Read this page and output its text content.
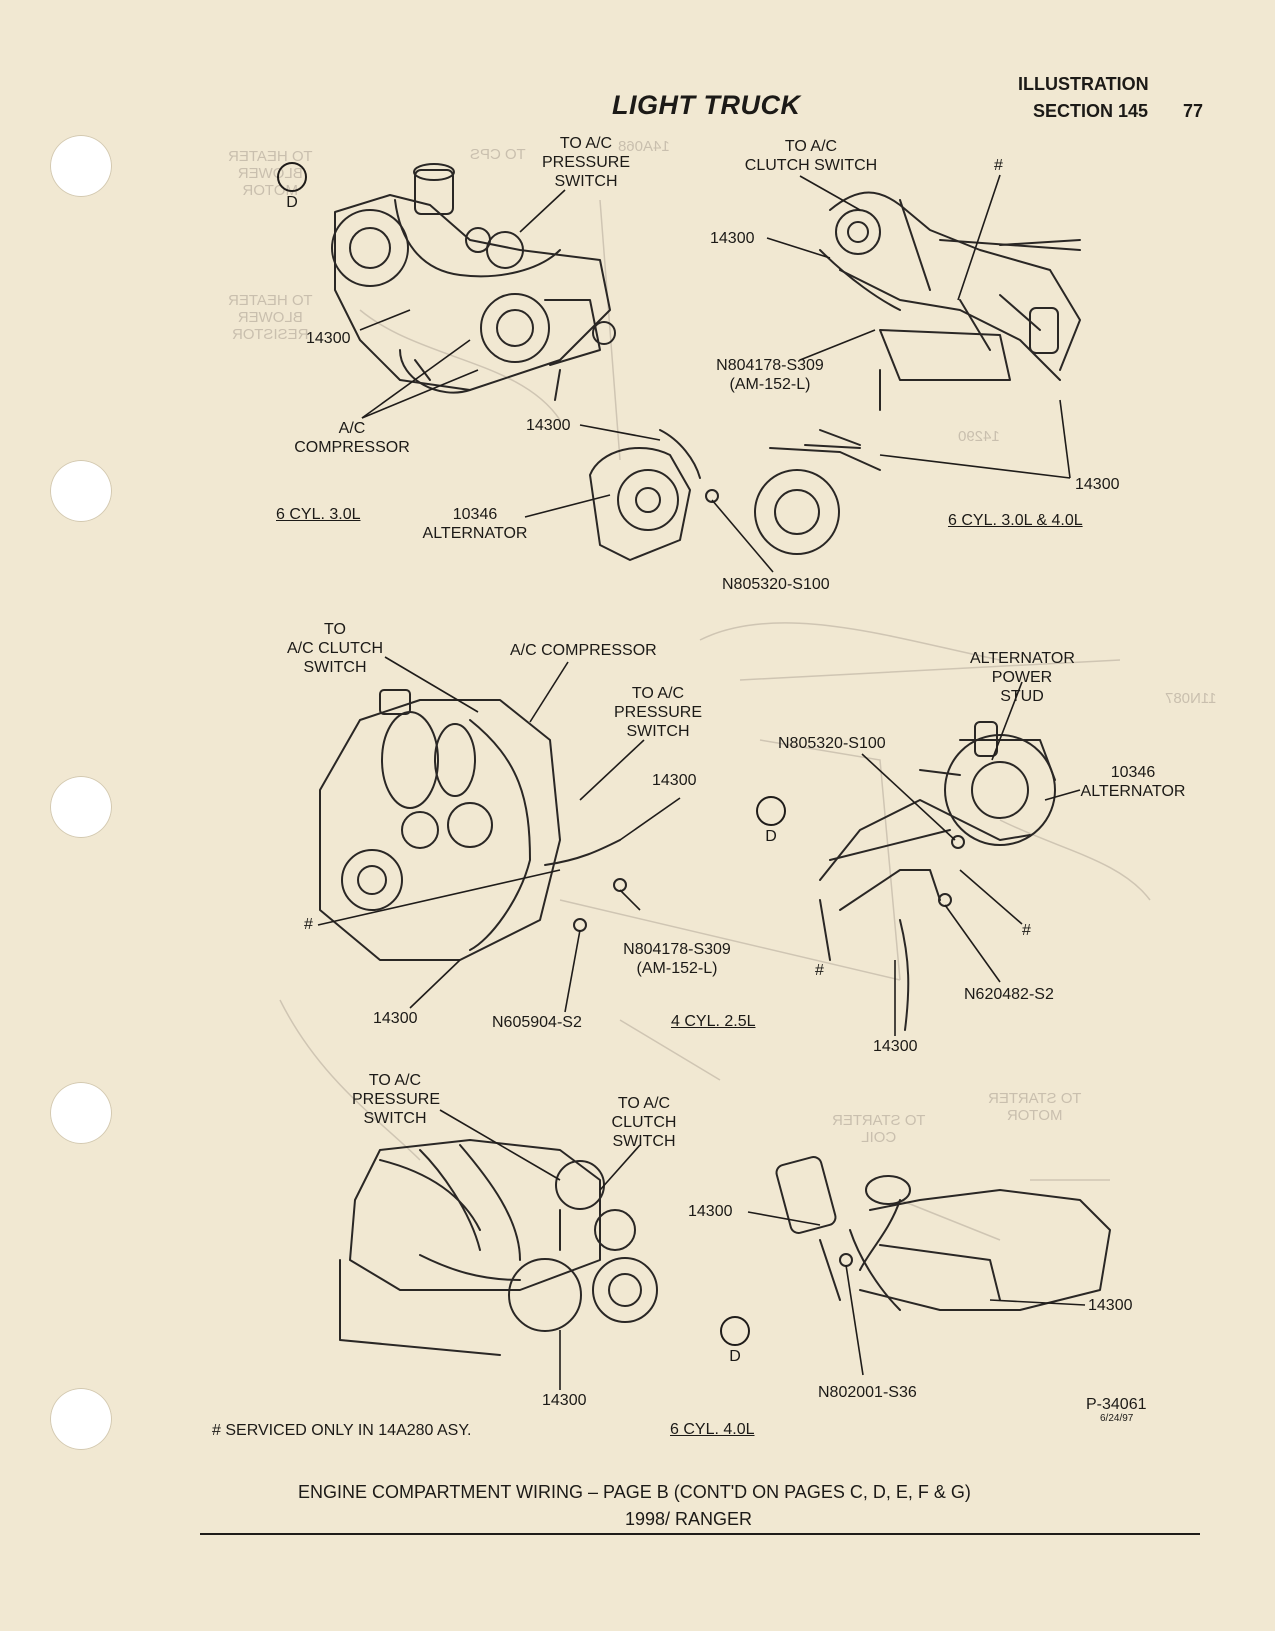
TO HEATER
BLOWER
MOTOR
TO HEATER
BLOWER
RESISTOR
TO STARTER
MOTOR
TO STARTER
COIL
14290
11N087
14A068
TO CPS
LIGHT TRUCK
ILLUSTRATION
SECTION 145 77

D

D

D

TO A/C
PRESSURE
SWITCH
14300
A/C
COMPRESSOR
6 CYL. 3.0L
14300
10346
ALTERNATOR
N805320-S100
TO A/C
CLUTCH SWITCH	#
14300
N804178-S309
(AM-152-L)
14300
6 CYL. 3.0L & 4.0L
TO
A/C CLUTCH
SWITCH
A/C COMPRESSOR
TO A/C
PRESSURE
SWITCH
14300
#
N804178-S309
(AM-152-L)
14300	N605904-S2	4 CYL. 2.5L
ALTERNATOR
POWER STUD
N805320-S100
10346
ALTERNATOR
#
#
N620482-S2
14300
TO A/C
PRESSURE
SWITCH
TO A/C
CLUTCH
SWITCH
14300
6 CYL. 4.0L
14300
14300
N802001-S36
# SERVICED ONLY IN 14A280 ASY.
P-34061
6/24/97
ENGINE COMPARTMENT WIRING – PAGE B (CONT'D ON PAGES C, D, E, F & G)
1998/ RANGER
